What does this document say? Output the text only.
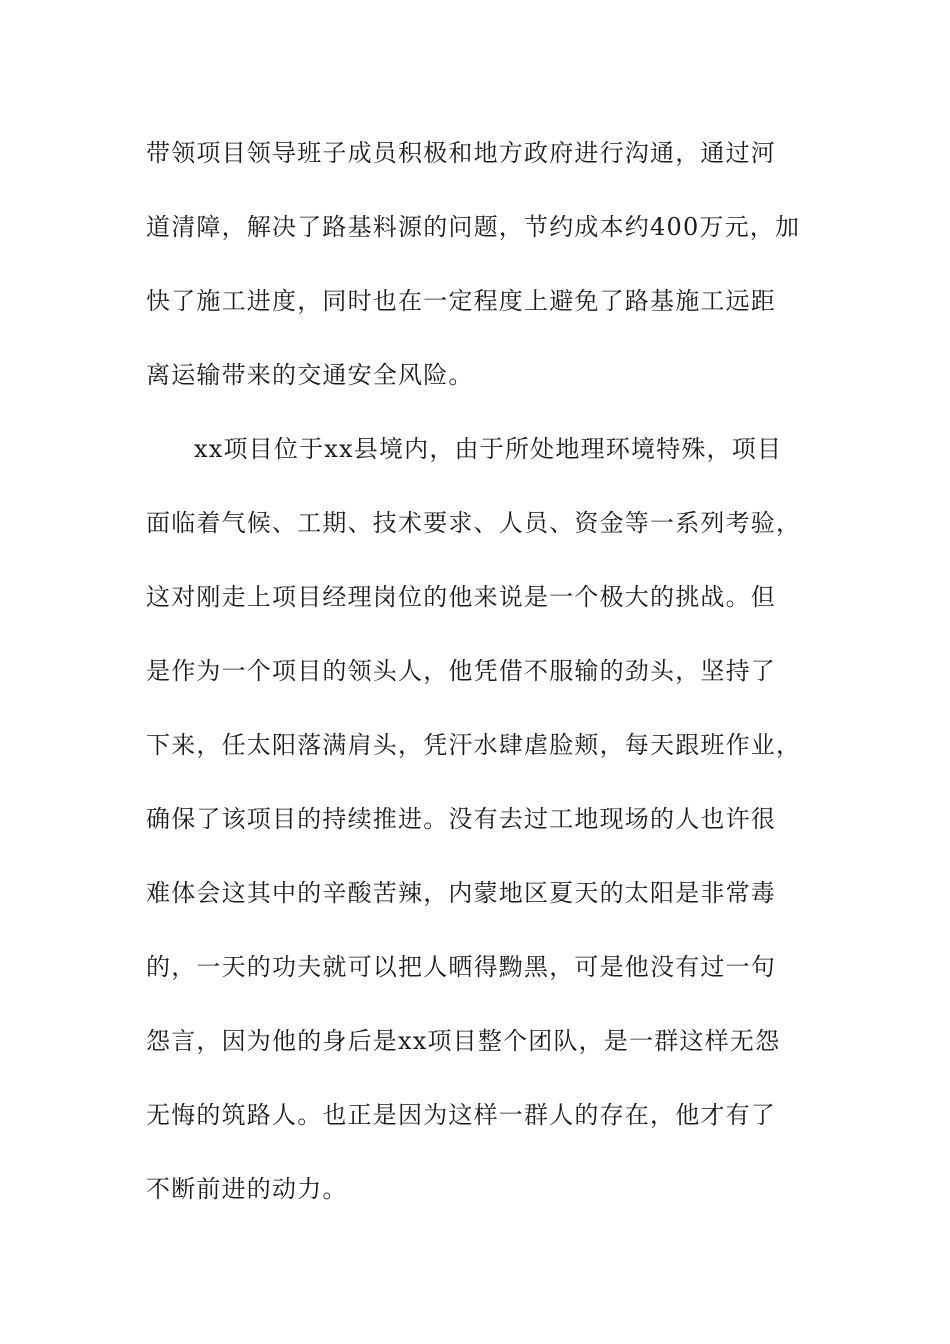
带领项目领导班子成员积极和地方政府进行沟通，通过河
道清障，解决了路基料源的问题，节约成本约400万元，加
快了施工进度，同时也在一定程度上避免了路基施工远距
离运输带来的交通安全风险。
xx项目位于xx县境内，由于所处地理环境特殊，项目
面临着气候、工期、技术要求、人员、资金等一系列考验，
这对刚走上项目经理岗位的他来说是一个极大的挑战。但
是作为一个项目的领头人，他凭借不服输的劲头，坚持了
下来，任太阳落满肩头，凭汗水肆虐脸颊，每天跟班作业，
确保了该项目的持续推进。没有去过工地现场的人也许很
难体会这其中的辛酸苦辣，内蒙地区夏天的太阳是非常毒
的，一天的功夫就可以把人晒得黝黑，可是他没有过一句
怨言，因为他的身后是xx项目整个团队，是一群这样无怨
无悔的筑路人。也正是因为这样一群人的存在，他才有了
不断前进的动力。
